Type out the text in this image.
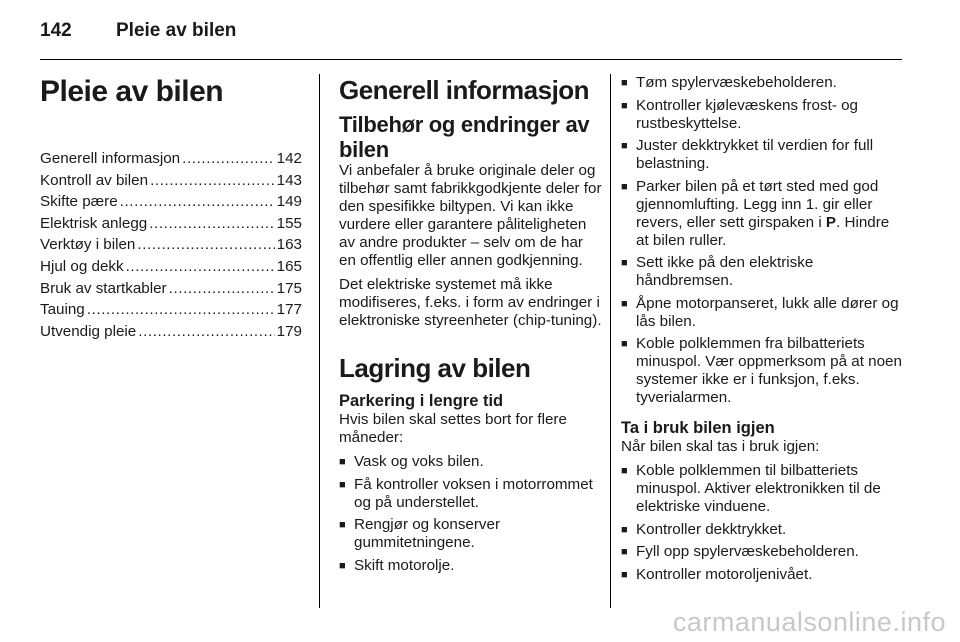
142	Pleie av bilen
Pleie av bilen
Generell informasjon .....	142
Kontroll av bilen .....	143
Skifte pære .....	149
Elektrisk anlegg .....	155
Verktøy i bilen .....	163
Hjul og dekk .....	165
Bruk av startkabler .....	175
Tauing .....	177
Utvendig pleie .....	179
Generell informasjon
Tilbehør og endringer av bilen

Vi anbefaler å bruke originale deler og tilbehør samt fabrikkgodkjente deler for den spesifikke biltypen. Vi kan ikke vurdere eller garantere påliteligheten av andre produkter – selv om de har en offentlig eller annen godkjenning.

Det elektriske systemet må ikke modifiseres, f.eks. i form av endringer i elektroniske styreenheter (chip-tuning).

Lagring av bilen
Parkering i lengre tid

Hvis bilen skal settes bort for flere måneder:

■ Vask og voks bilen.
■ Få kontroller voksen i motorrommet og på understellet.
■ Rengjør og konserver gummitetningene.
■ Skift motorolje.
■ Tøm spylervæskebeholderen.
■ Kontroller kjølevæskens frost- og rustbeskyttelse.
■ Juster dekktrykket til verdien for full belastning.
■ Parker bilen på et tørt sted med god gjennomlufting. Legg inn 1. gir eller revers, eller sett girspaken i P. Hindre at bilen ruller.
■ Sett ikke på den elektriske håndbremsen.
■ Åpne motorpanseret, lukk alle dører og lås bilen.
■ Koble polklemmen fra bilbatteriets minuspol. Vær oppmerksom på at noen systemer ikke er i funksjon, f.eks. tyverialarmen.
Ta i bruk bilen igjen

Når bilen skal tas i bruk igjen:

■ Koble polklemmen til bilbatteriets minuspol. Aktiver elektronikken til de elektriske vinduene.
■ Kontroller dekktrykket.
■ Fyll opp spylervæskebeholderen.
■ Kontroller motoroljenivået.
carmanualsonline.info
